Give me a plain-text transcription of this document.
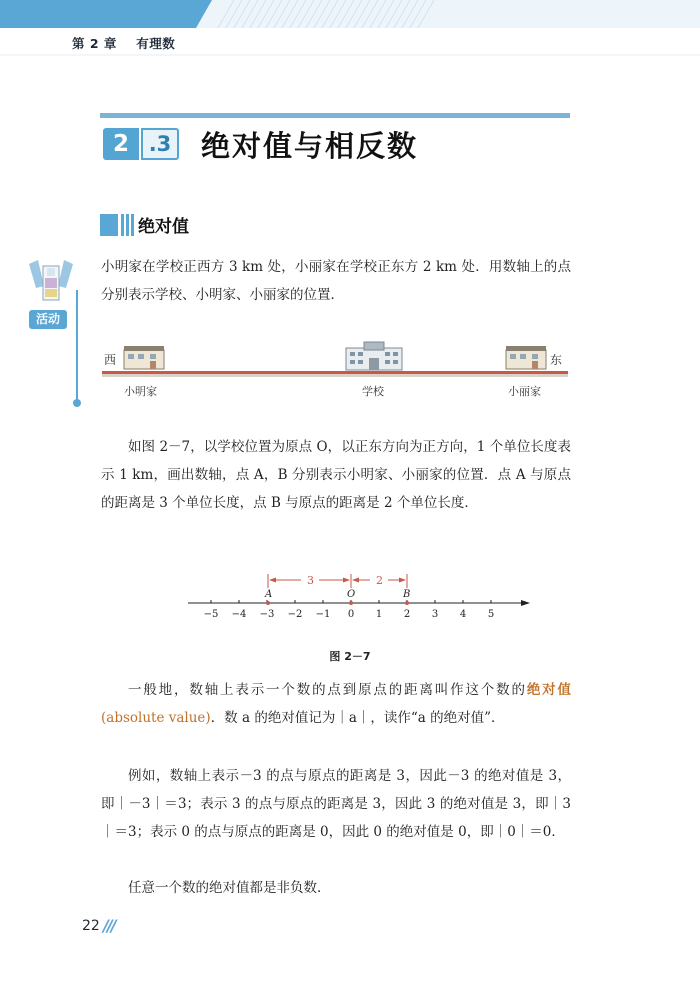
第 2 章    有理数
2 .3 绝对值与相反数
绝对值
活动
小明家在学校正西方 3 km 处，小丽家在学校正东方 2 km 处．用数轴上的点分别表示学校、小明家、小丽家的位置．
西	东
小明家	学校	小丽家
如图 2－7，以学校位置为原点 O，以正东方向为正方向，1 个单位长度表示 1 km，画出数轴，点 A，B 分别表示小明家、小丽家的位置．点 A 与原点的距离是 3 个单位长度，点 B 与原点的距离是 2 个单位长度．
−5 −4 −3 −2 −1 0 1 2 3 4 5
3	2
A	O	B
图 2－7
一般地，数轴上表示一个数的点到原点的距离叫作这个数的绝对值(absolute value)．数 a 的绝对值记为｜a｜，读作“a 的绝对值”．
例如，数轴上表示－3 的点与原点的距离是 3，因此－3 的绝对值是 3，即｜－3｜＝3；表示 3 的点与原点的距离是 3，因此 3 的绝对值是 3，即｜3｜＝3；表示 0 的点与原点的距离是 0，因此 0 的绝对值是 0，即｜0｜＝0．
任意一个数的绝对值都是非负数．
22 ///
